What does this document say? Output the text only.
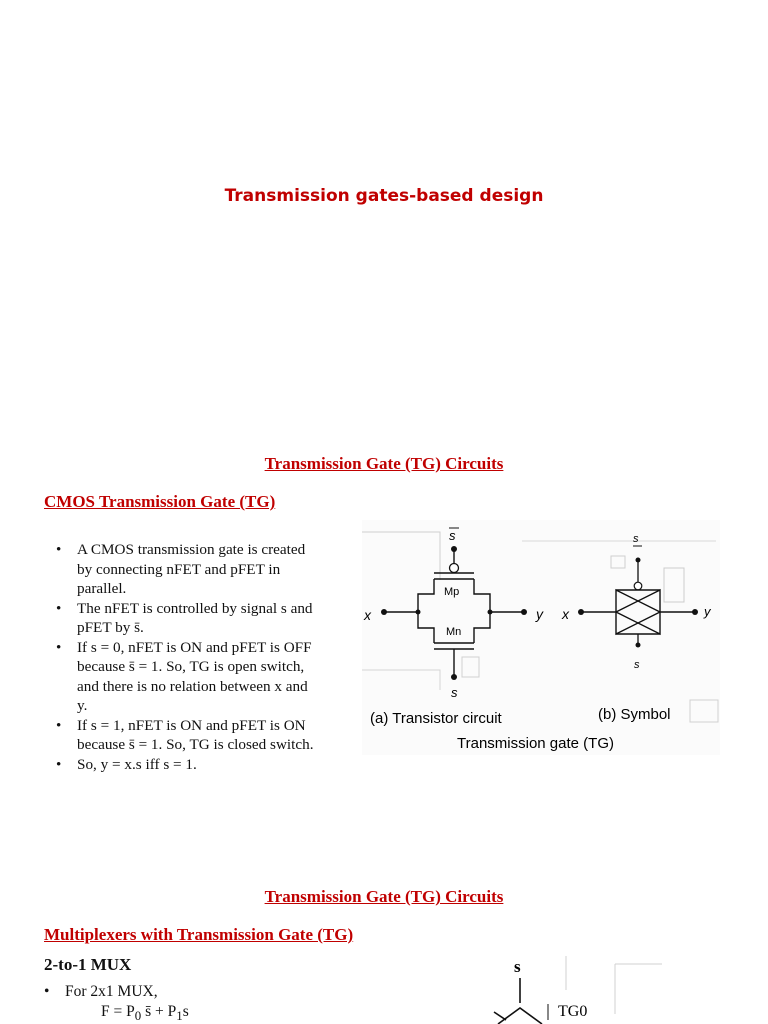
Transmission gates-based design
Transmission Gate (TG) Circuits
CMOS Transmission Gate (TG)
• A CMOS transmission gate is created by connecting nFET and pFET in parallel.
• The nFET is controlled by signal s and pFET by s̄.
• If s = 0, nFET is ON and pFET is OFF because s̄ = 1. So, TG is open switch, and there is no relation between x and y.
• If s = 1, nFET is ON and pFET is ON because s̄ = 1. So, TG is closed switch.
• So, y = x.s iff s = 1.
s
Mp
Mn
s
x	y
s
s
x	y
(a) Transistor circuit	(b) Symbol
Transmission gate (TG)
Transmission Gate (TG) Circuits
Multiplexers with Transmission Gate (TG)
2-to-1 MUX
• For 2x1 MUX,
$F = P_0$ s̄ + $P_1s$
s
TG0
